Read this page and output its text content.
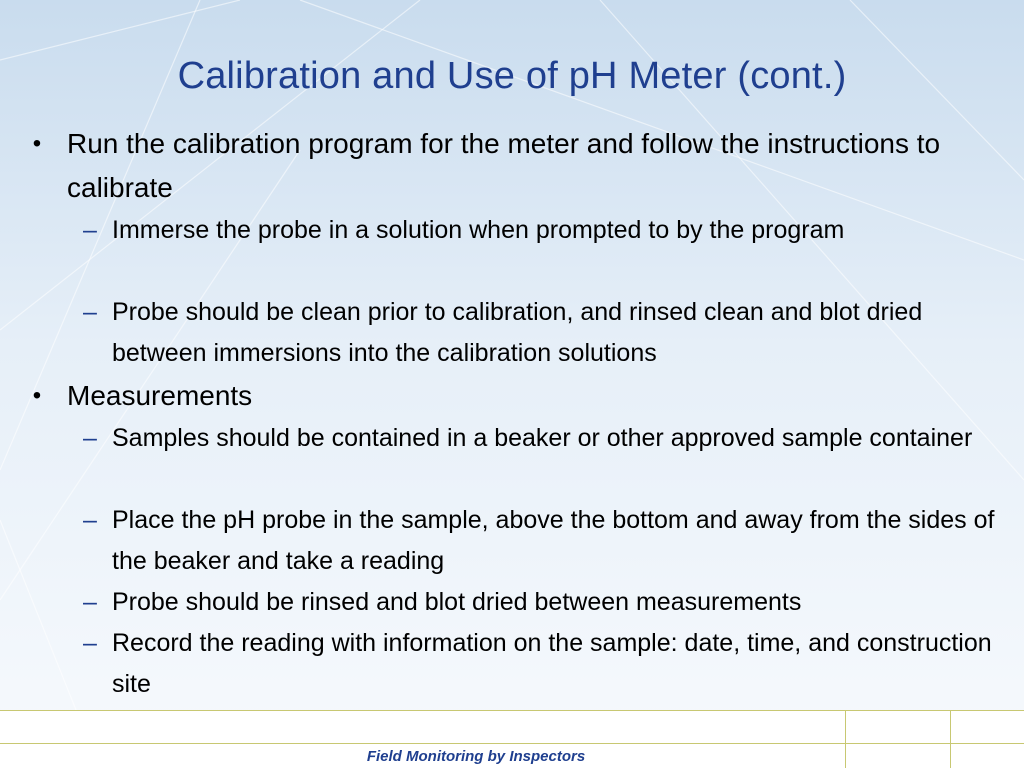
Calibration and Use of pH Meter (cont.)
• Run the calibration program for the meter and follow the instructions to calibrate
– Immerse the probe in a solution when prompted to by the program
– Probe should be clean prior to calibration, and rinsed clean and blot dried between immersions into the calibration solutions
• Measurements
– Samples should be contained in a beaker or other approved sample container
– Place the pH probe in the sample, above the bottom and away from the sides of the beaker and take a reading
– Probe should be rinsed and blot dried between measurements
– Record the reading with information on the sample: date, time, and construction site
Field Monitoring by Inspectors
